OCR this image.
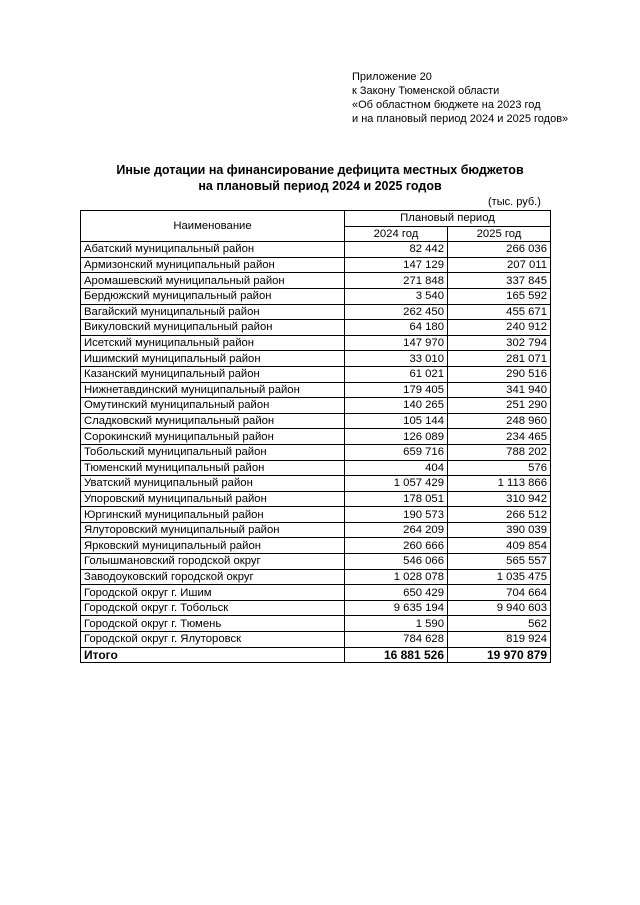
Приложение 20
к Закону Тюменской области
«Об областном бюджете на 2023 год
и на плановый период 2024 и 2025 годов»
Иные дотации на финансирование дефицита местных бюджетов
на плановый период 2024 и 2025 годов
(тыс. руб.)
Наименование	Плановый период	
	2024 год	2025 год
Абатский муниципальный район	82 442	266 036
Армизонский муниципальный район	147 129	207 011
Аромашевский муниципальный район	271 848	337 845
Бердюжский муниципальный район	3 540	165 592
Вагайский муниципальный район	262 450	455 671
Викуловский муниципальный район	64 180	240 912
Исетский муниципальный район	147 970	302 794
Ишимский муниципальный район	33 010	281 071
Казанский муниципальный район	61 021	290 516
Нижнетавдинский муниципальный район	179 405	341 940
Омутинский муниципальный район	140 265	251 290
Сладковский муниципальный район	105 144	248 960
Сорокинский муниципальный район	126 089	234 465
Тобольский муниципальный район	659 716	788 202
Тюменский муниципальный район	404	576
Уватский муниципальный район	1 057 429	1 113 866
Упоровский муниципальный район	178 051	310 942
Юргинский муниципальный район	190 573	266 512
Ялуторовский муниципальный район	264 209	390 039
Ярковский муниципальный район	260 666	409 854
Голышмановский городской округ	546 066	565 557
Заводоуковский городской округ	1 028 078	1 035 475
Городской округ г. Ишим	650 429	704 664
Городской округ г. Тобольск	9 635 194	9 940 603
Городской округ г. Тюмень	1 590	562
Городской округ г. Ялуторовск	784 628	819 924
Итого	16 881 526	19 970 879
